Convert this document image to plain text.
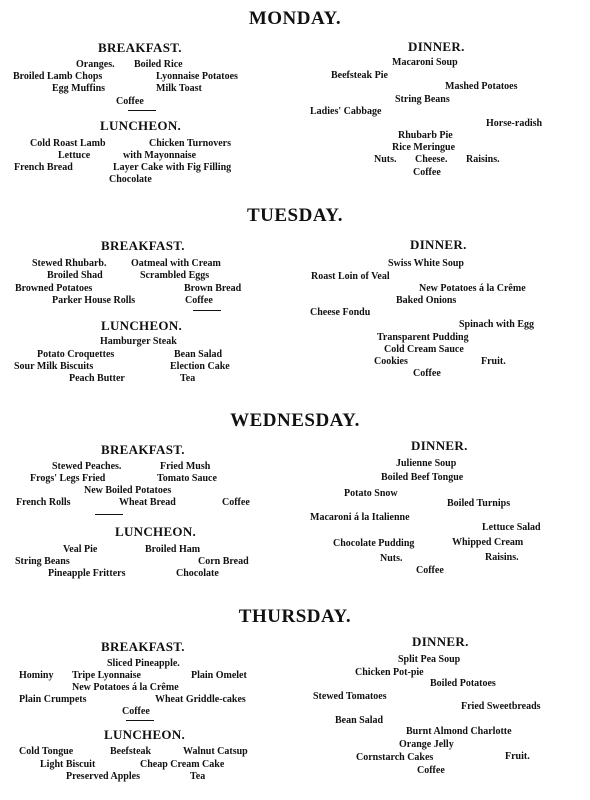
MONDAY.
BREAKFAST.
Oranges. Boiled Rice
Broiled Lamb Chops	Lyonnaise Potatoes
Egg Muffins	Milk Toast
Coffee
LUNCHEON.
Cold Roast Lamb	Chicken Turnovers
Lettuce	with Mayonnaise
French Bread	Layer Cake with Fig Filling
Chocolate
DINNER.
Macaroni Soup
Beefsteak Pie
Mashed Potatoes
String Beans
Ladies' Cabbage
Horse-radish
Rhubarb Pie
Rice Meringue
Nuts. Cheese. Raisins.
Coffee
TUESDAY.
BREAKFAST.
Stewed Rhubarb. Oatmeal with Cream
Broiled Shad	Scrambled Eggs
Browned Potatoes	Brown Bread
Parker House Rolls	Coffee
LUNCHEON.
Hamburger Steak
Potato Croquettes	Bean Salad
Sour Milk Biscuits	Election Cake
Peach Butter	Tea
DINNER.
Swiss White Soup
Roast Loin of Veal
New Potatoes á la Crême
Baked Onions
Cheese Fondu
Spinach with Egg
Transparent Pudding
Cold Cream Sauce
Cookies	Fruit.
Coffee
WEDNESDAY.
BREAKFAST.
Stewed Peaches.	Fried Mush
Frogs' Legs Fried	Tomato Sauce
New Boiled Potatoes
French Rolls	Wheat Bread	Coffee
LUNCHEON.
Veal Pie	Broiled Ham
String Beans	Corn Bread
Pineapple Fritters	Chocolate
DINNER.
Julienne Soup
Boiled Beef Tongue
Potato Snow
Boiled Turnips
Macaroni á la Italienne
Lettuce Salad
Chocolate Pudding	Whipped Cream
Nuts.	Raisins.
Coffee
THURSDAY.
BREAKFAST.
Sliced Pineapple.
Hominy Tripe Lyonnaise	Plain Omelet
New Potatoes á la Crême
Plain Crumpets	Wheat Griddle-cakes
Coffee
LUNCHEON.
Cold Tongue	Beefsteak	Walnut Catsup
Light Biscuit	Cheap Cream Cake
Preserved Apples	Tea
DINNER.
Split Pea Soup
Chicken Pot-pie
Boiled Potatoes
Stewed Tomatoes
Fried Sweetbreads
Bean Salad
Burnt Almond Charlotte
Orange Jelly
Cornstarch Cakes	Fruit.
Coffee
